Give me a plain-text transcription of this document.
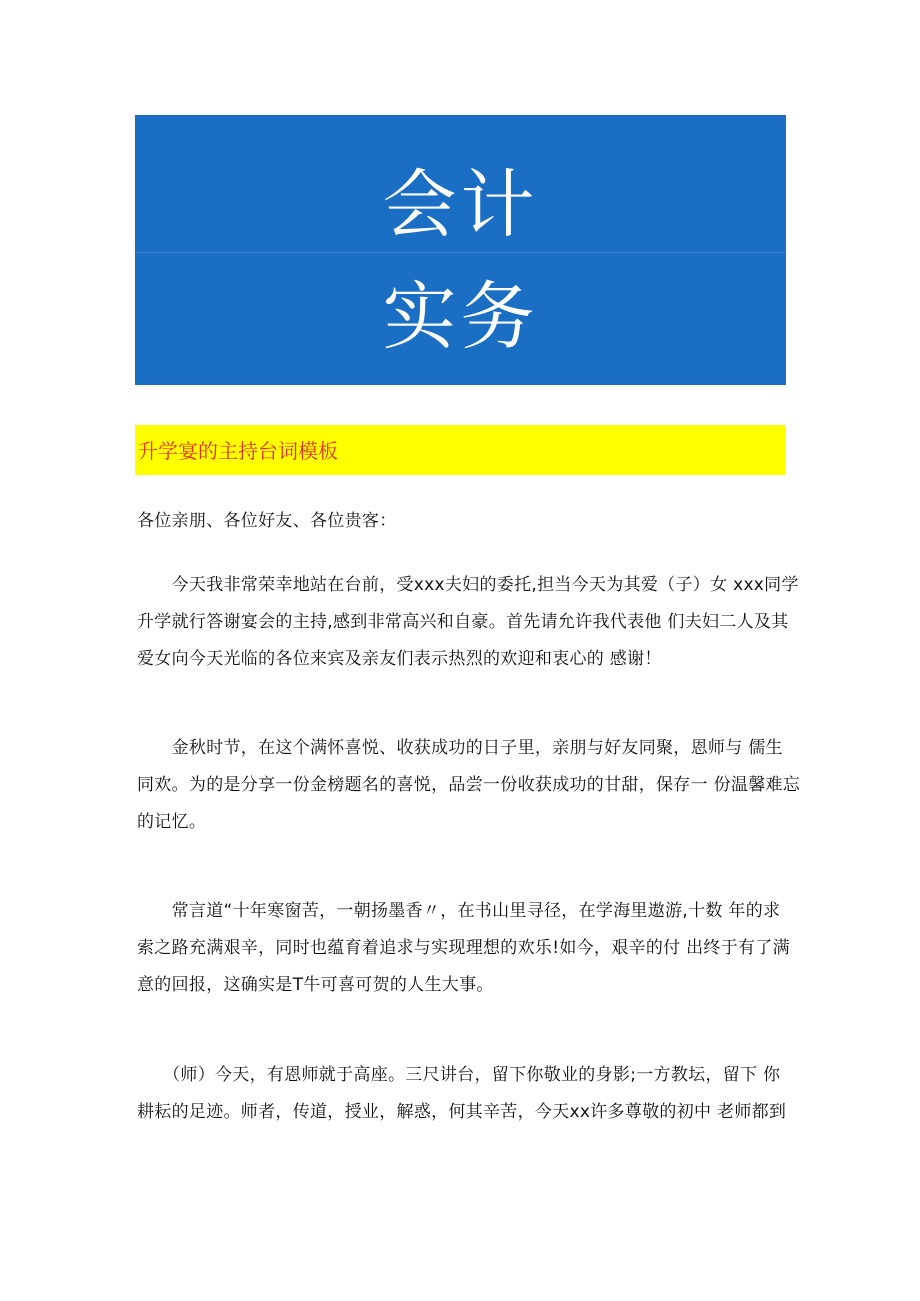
会计
实务
升学宴的主持台词模板
各位亲朋、各位好友、各位贵客：
　　今天我非常荣幸地站在台前，受xxx夫妇的委托,担当今天为其爱（子）女 xxx同学
升学就行答谢宴会的主持,感到非常高兴和自豪。首先请允许我代表他 们夫妇二人及其
爱女向今天光临的各位来宾及亲友们表示热烈的欢迎和衷心的 感谢！
　　金秋时节，在这个满怀喜悦、收获成功的日子里，亲朋与好友同聚，恩师与 儒生
同欢。为的是分享一份金榜题名的喜悦，品尝一份收获成功的甘甜，保存一 份温馨难忘
的记忆。
　　常言道“十年寒窗苦，一朝扬墨香〃，在书山里寻径，在学海里遨游,十数 年的求
索之路充满艰辛，同时也蕴育着追求与实现理想的欢乐!如今，艰辛的付 出终于有了满
意的回报，这确实是T牛可喜可贺的人生大事。
　　（师）今天，有恩师就于高座。三尺讲台，留下你敬业的身影;一方教坛，留下 你
耕耘的足迹。师者，传道，授业，解惑，何其辛苦，今天xx许多尊敬的初中 老师都到
